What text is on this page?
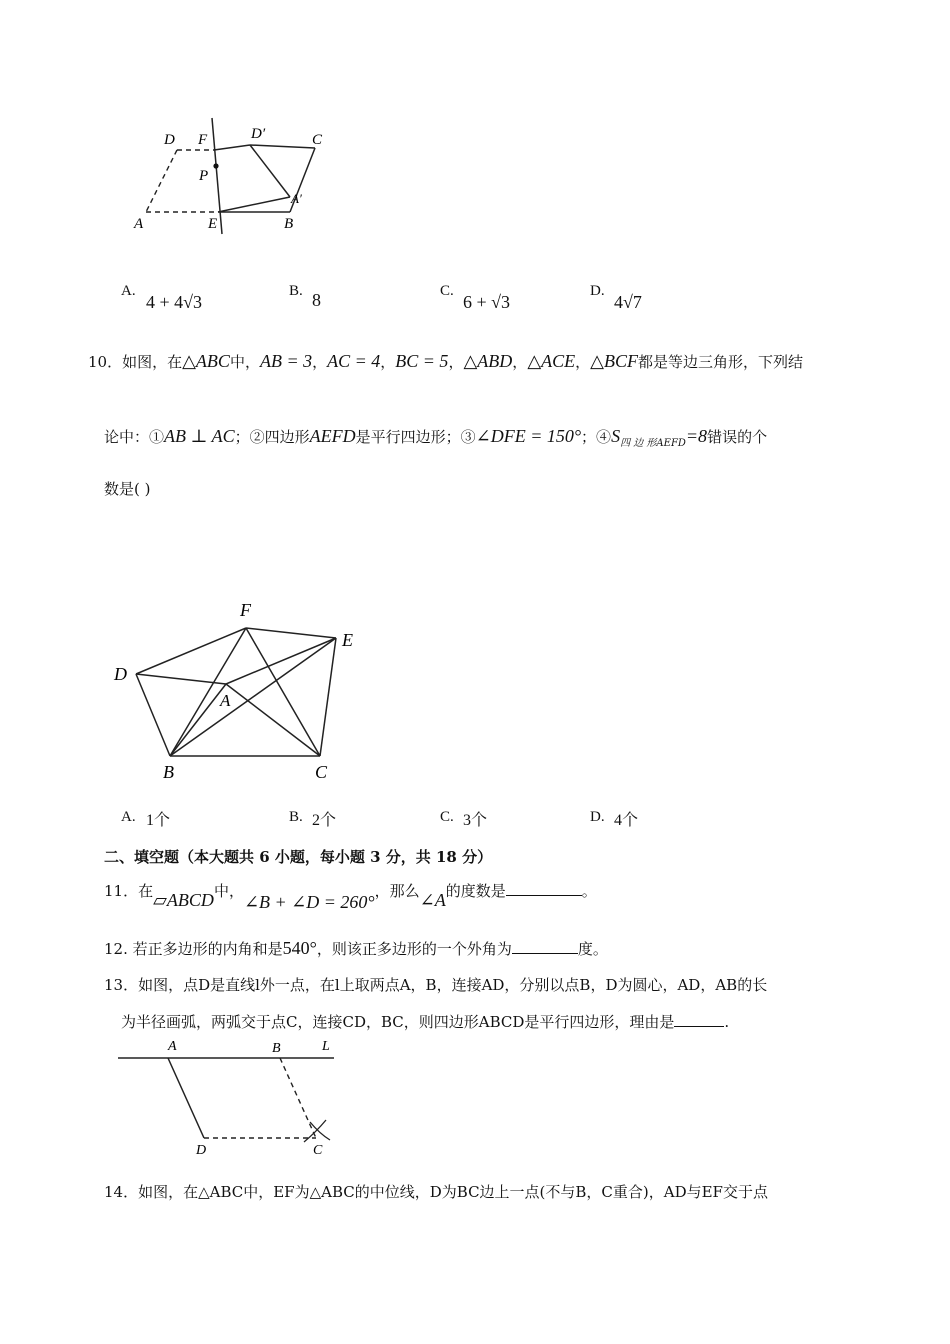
D F	D′	C
P
A′
A	E	B
A.
4 + 4√3
B. 8	C.
6 + √3
D.
4√7
10．如图，在△ABC中，AB = 3，AC = 4，BC = 5，△ABD，△ACE，△BCF都是等边三角形，下列结
论中：①AB ⊥ AC；②四边形AEFD是平行四边形；③∠DFE = 150°；$④S_{四 边 形AEFD}=8$错误的个
数是( )
F
E
D
A
B	C
A. 1个	B. 2个	C. 3个	D. 4个
二、填空题（本大题共 6 小题，每小题 3 分，共 18 分）
11．在▱ABCD中，∠B + ∠D = 260°，那么∠A的度数是	。
12. 若正多边形的内角和是540°，则该正多边形的一个外角为	度。
13．如图，点D是直线l外一点，在l上取两点A，B，连接AD，分别以点B，D为圆心，AD，AB的长
为半径画弧，两弧交于点C，连接CD，BC，则四边形ABCD是平行四边形，理由是	.
A	B	L
D	C
14．如图，在△ABC中，EF为△ABC的中位线，D为BC边上一点(不与B，C重合)，AD与EF交于点
